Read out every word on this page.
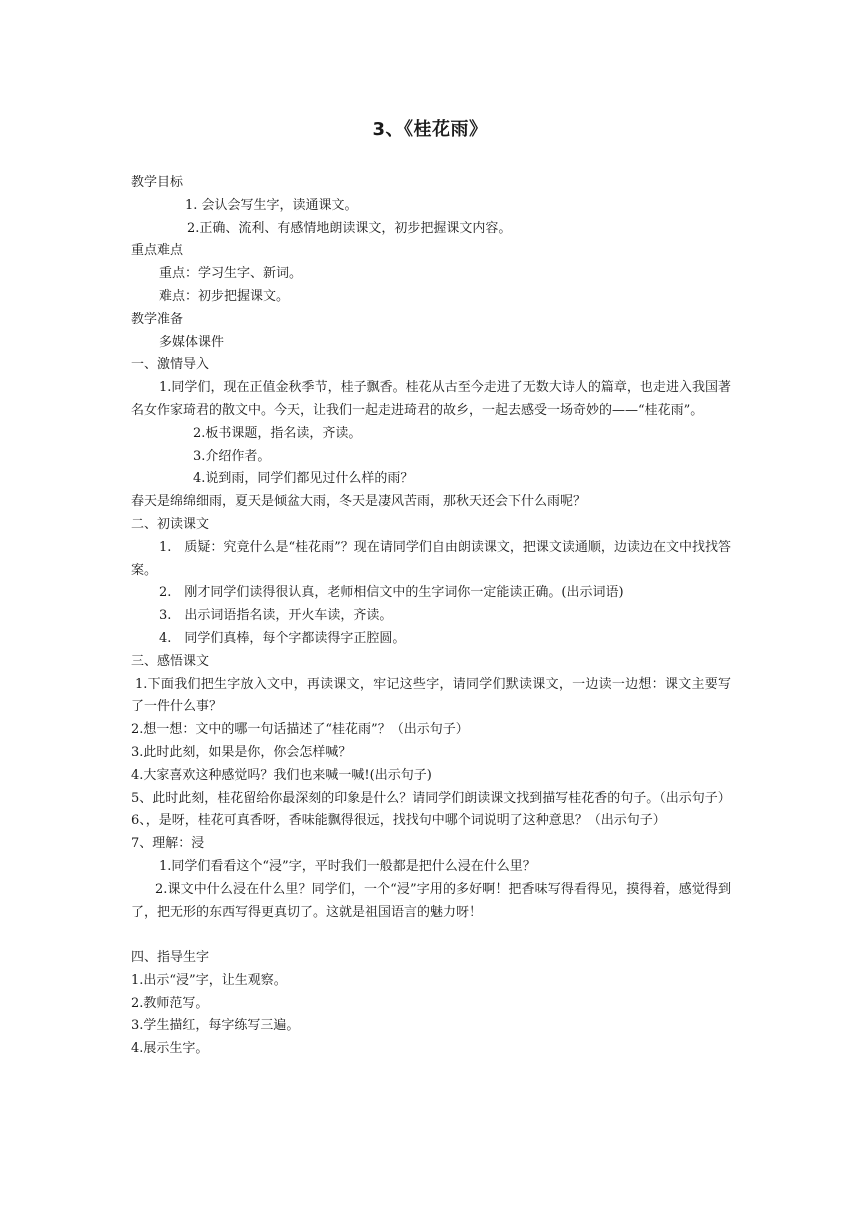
3、《桂花雨》
教学目标
1. 会认会写生字，读通课文。
2.正确、流利、有感情地朗读课文，初步把握课文内容。
重点难点
重点：学习生字、新词。
难点：初步把握课文。
教学准备
多媒体课件
一、激情导入
1.同学们，现在正值金秋季节，桂子飘香。桂花从古至今走进了无数大诗人的篇章，也走进入我国著名女作家琦君的散文中。今天，让我们一起走进琦君的故乡，一起去感受一场奇妙的——“桂花雨”。
2.板书课题，指名读，齐读。
3.介绍作者。
4.说到雨，同学们都见过什么样的雨？
春天是绵绵细雨，夏天是倾盆大雨，冬天是凄风苦雨，那秋天还会下什么雨呢？
二、初读课文
1.　质疑：究竟什么是“桂花雨”？现在请同学们自由朗读课文，把课文读通顺，边读边在文中找找答案。
2.　刚才同学们读得很认真，老师相信文中的生字词你一定能读正确。(出示词语)
3.　出示词语指名读，开火车读，齐读。
4.　同学们真棒，每个字都读得字正腔圆。
三、感悟课文
1.下面我们把生字放入文中，再读课文，牢记这些字，请同学们默读课文，一边读一边想：课文主要写了一件什么事？
2.想一想：文中的哪一句话描述了“桂花雨”？（出示句子）
3.此时此刻，如果是你，你会怎样喊？
4.大家喜欢这种感觉吗？我们也来喊一喊!(出示句子)
5、此时此刻，桂花留给你最深刻的印象是什么？请同学们朗读课文找到描写桂花香的句子。（出示句子）
6、，是呀，桂花可真香呀，香味能飘得很远，找找句中哪个词说明了这种意思？（出示句子）
7、理解：浸
1.同学们看看这个“浸”字，平时我们一般都是把什么浸在什么里？
2.课文中什么浸在什么里？同学们，一个“浸”字用的多好啊！把香味写得看得见，摸得着，感觉得到了，把无形的东西写得更真切了。这就是祖国语言的魅力呀！
四、指导生字
1.出示“浸”字，让生观察。
2.教师范写。
3.学生描红，每字练写三遍。
4.展示生字。
